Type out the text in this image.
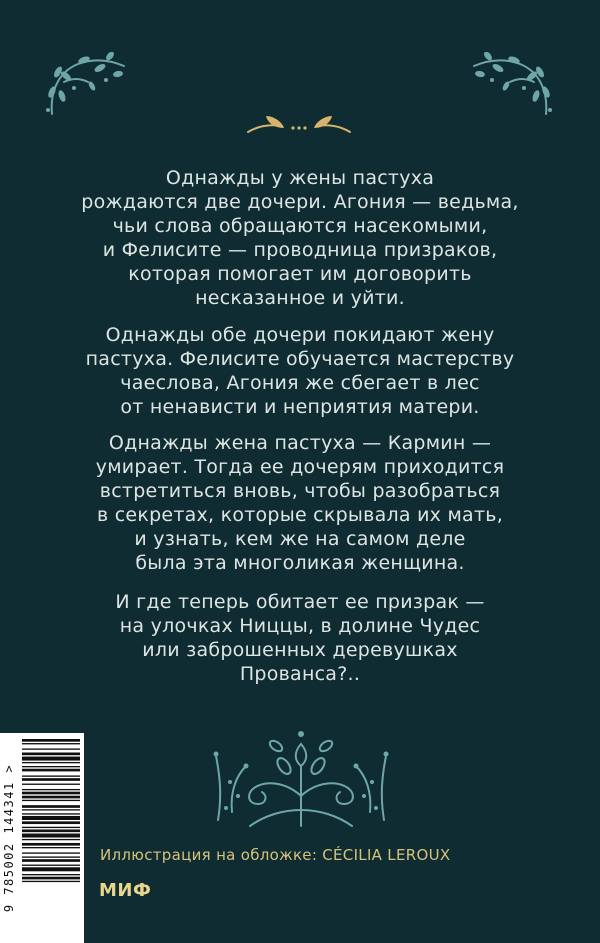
Однажды у жены пастуха
рождаются две дочери. Агония — ведьма,
чьи слова обращаются насекомыми,
и Фелисите — проводница призраков,
которая помогает им договорить
несказанное и уйти.
Однажды обе дочери покидают жену
пастуха. Фелисите обучается мастерству
чаеслова, Агония же сбегает в лес
от ненависти и неприятия матери.
Однажды жена пастуха — Кармин —
умирает. Тогда ее дочерям приходится
встретиться вновь, чтобы разобраться
в секретах, которые скрывала их мать,
и узнать, кем же на самом деле
была эта многоликая женщина.
И где теперь обитает ее призрак —
на улочках Ниццы, в долине Чудес
или заброшенных деревушках
Прованса?..
9 785002 144341 >	Иллюстрация на обложке: CÉCILIA LEROUX
МИФ
